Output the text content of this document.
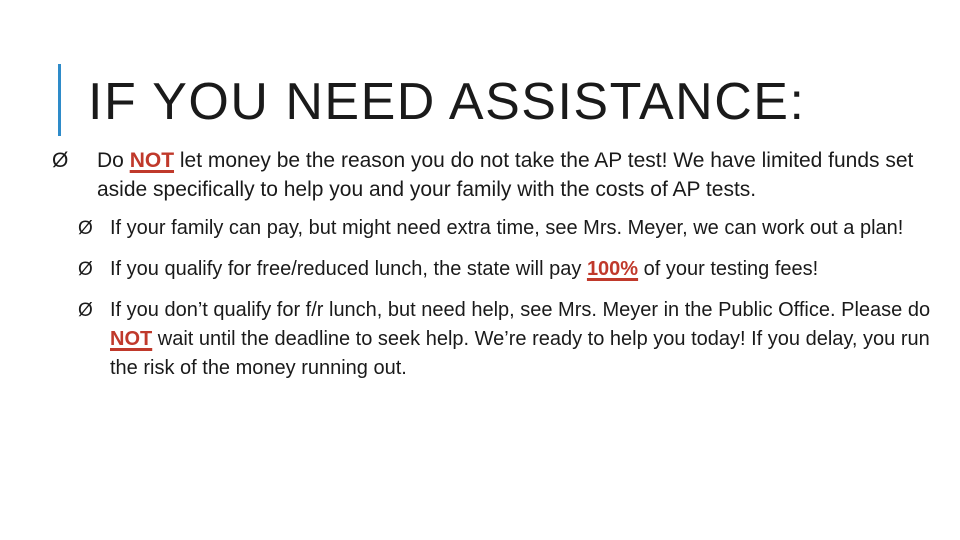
IF YOU NEED ASSISTANCE:

Ø	Do NOT let money be the reason you do not take the AP test! We have limited funds set aside specifically to help you and your family with the costs of AP tests.

Ø If your family can pay, but might need extra time, see Mrs. Meyer, we can work out a plan!

Ø If you qualify for free/reduced lunch, the state will pay 100% of your testing fees!

Ø If you don’t qualify for f/r lunch, but need help, see Mrs. Meyer in the Public Office. Please do NOT wait until the deadline to seek help. We’re ready to help you today! If you delay, you run the risk of the money running out.
